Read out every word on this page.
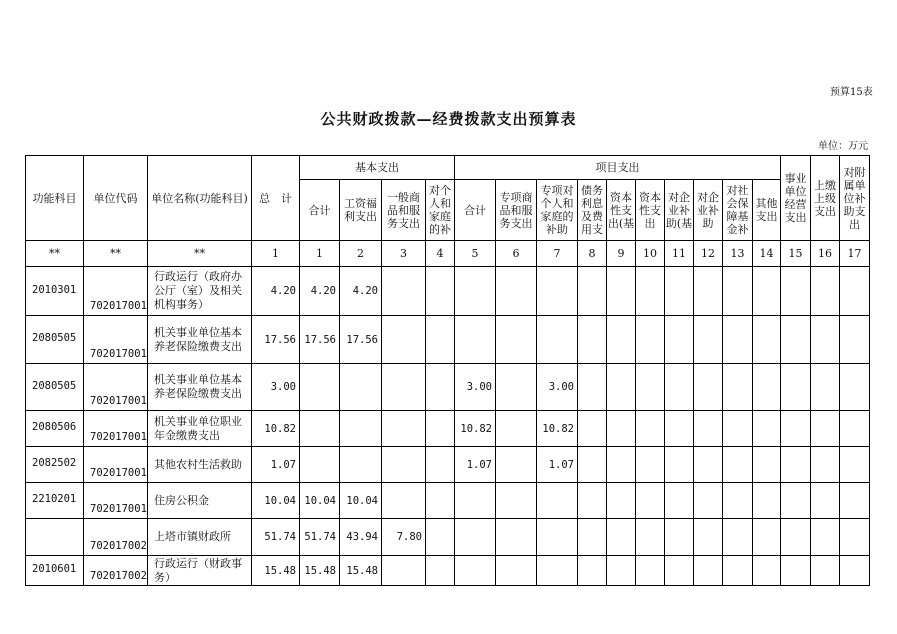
预算15表
公共财政拨款—经费拨款支出预算表
单位：万元
功能科目	单位代码	单位名称(功能科目)	总　计	基本支出				项目支出										事业单位经营支出	上缴上级支出	对附属单位补助支出
				合计	工资福利支出	一般商品和服务支出	对个人和家庭的补	合计	专项商品和服务支出	专项对个人和家庭的补助	债务利息及费用支	资本性支出(基	资本性支出	对企业补助(基	对企业补助	对社会保障基金补	其他支出			
**	**	**	1	1	2	3	4	5	6	7	8	9	10	11	12	13	14	15	16	17
2010301	702017001	行政运行（政府办公厅（室）及相关机构事务）	4.20	4.20	4.20															
2080505	702017001	机关事业单位基本养老保险缴费支出	17.56	17.56	17.56															
2080505	702017001	机关事业单位基本养老保险缴费支出	3.00					3.00		3.00										
2080506	702017001	机关事业单位职业年金缴费支出	10.82					10.82		10.82										
2082502	702017001	其他农村生活救助	1.07					1.07		1.07										
2210201	702017001	住房公积金	10.04	10.04	10.04															
	702017002	上塔市镇财政所	51.74	51.74	43.94	7.80														
2010601	702017002	行政运行（财政事务）	15.48	15.48	15.48															
